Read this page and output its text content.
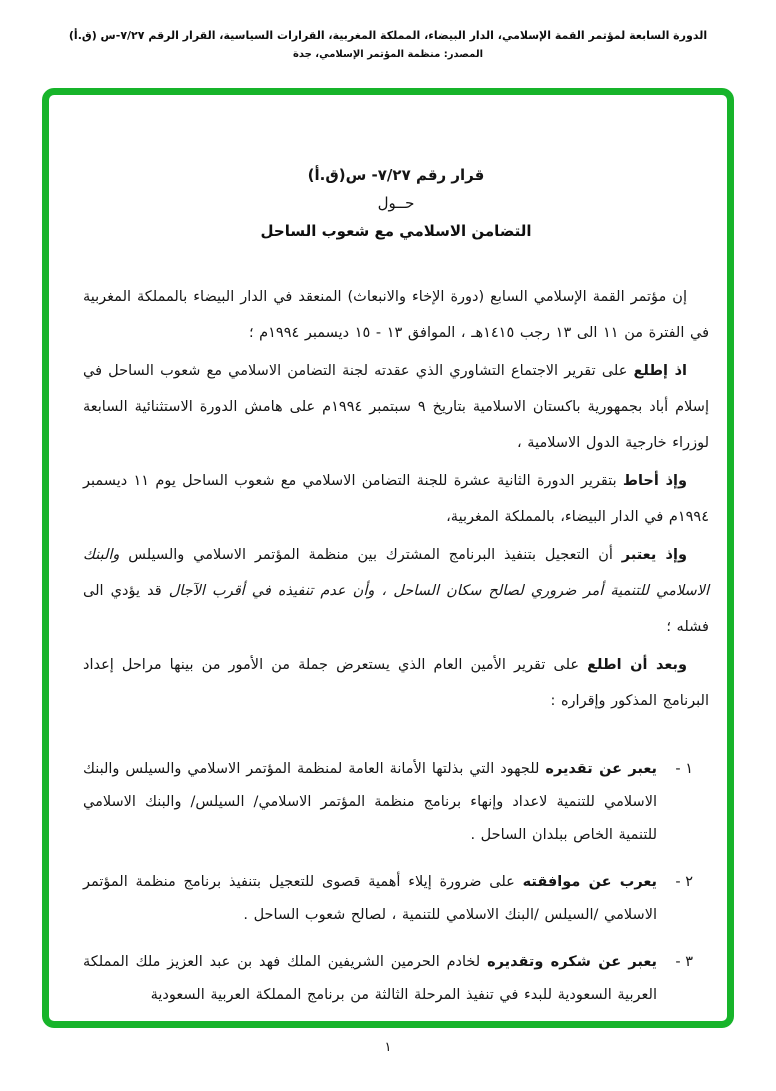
الدورة السابعة لمؤتمر القمة الإسلامي، الدار البيضاء، المملكة المغربية، القرارات السياسية، القرار الرقم ٧/٢٧-س (ق.أ)
المصدر: منظمة المؤتمر الإسلامي، جدة
قرار رقم ٧/٢٧- س(ق.أ)
حــول
التضامن الاسلامي مع شعوب الساحل

إن مؤتمر القمة الإسلامي السابع (دورة الإخاء والانبعاث) المنعقد في الدار البيضاء بالمملكة المغربية في الفترة من ١١ الى ١٣ رجب ١٤١٥هـ ، الموافق ١٣ - ١٥ ديسمبر ١٩٩٤م ؛

اذ إطلع على تقرير الاجتماع التشاوري الذي عقدته لجنة التضامن الاسلامي مع شعوب الساحل في إسلام أباد بجمهورية باكستان الاسلامية بتاريخ ٩ سبتمبر ١٩٩٤م على هامش الدورة الاستثنائية السابعة لوزراء خارجية الدول الاسلامية ،

وإذ أحاط بتقرير الدورة الثانية عشرة للجنة التضامن الاسلامي مع شعوب الساحل يوم ١١ ديسمبر ١٩٩٤م في الدار البيضاء، بالمملكة المغربية،

وإذ يعتبر أن التعجيل بتنفيذ البرنامج المشترك بين منظمة المؤتمر الاسلامي والسيلس والبنك الاسلامي للتنمية أمر ضروري لصالح سكان الساحل ، وأن عدم تنفيذه في أقرب الآجال قد يؤدي الى فشله ؛

وبعد أن اطلع على تقرير الأمين العام الذي يستعرض جملة من الأمور من بينها مراحل إعداد البرنامج المذكور وإقراره :

١ -
يعبر عن تقديره للجهود التي بذلتها الأمانة العامة لمنظمة المؤتمر الاسلامي والسيلس والبنك الاسلامي للتنمية لاعداد وإنهاء برنامج منظمة المؤتمر الاسلامي/ السيلس/ والبنك الاسلامي للتنمية الخاص ببلدان الساحل .
٢ -
يعرب عن موافقته على ضرورة إيلاء أهمية قصوى للتعجيل بتنفيذ برنامج منظمة المؤتمر الاسلامي /السيلس /البنك الاسلامي للتنمية ، لصالح شعوب الساحل .
٣ -
يعبر عن شكره وتقديره لخادم الحرمين الشريفين الملك فهد بن عبد العزيز ملك المملكة العربية السعودية للبدء في تنفيذ المرحلة الثالثة من برنامج المملكة العربية السعودية
١
